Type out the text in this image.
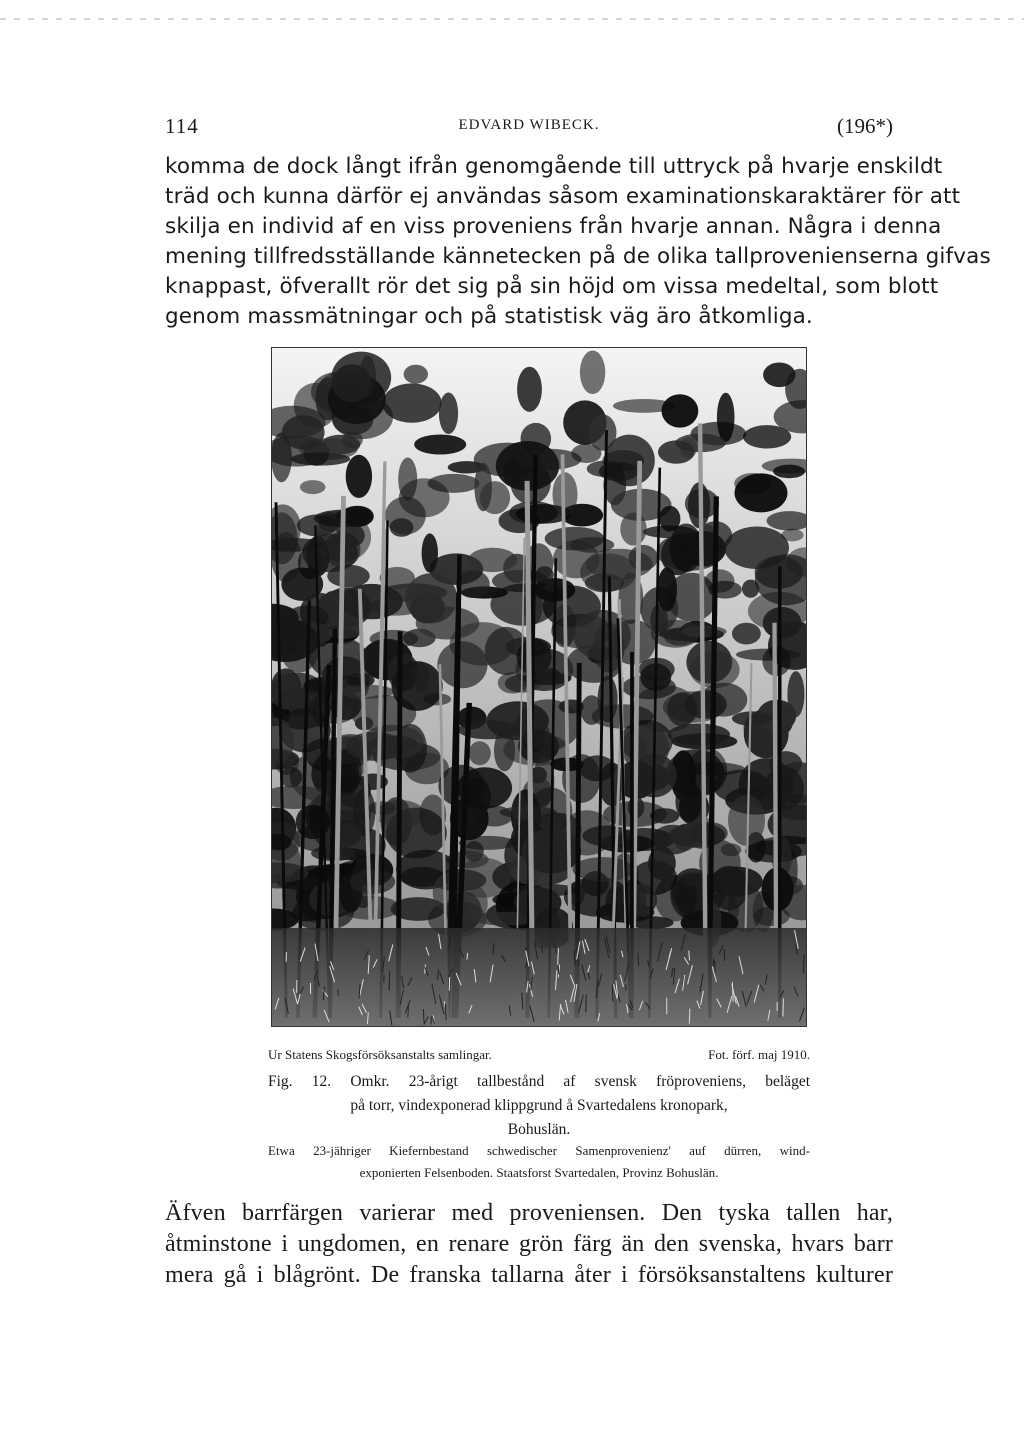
114	EDVARD WIBECK.	(196*)

komma de dock långt ifrån genomgående till uttryck på hvarje enskildt
träd och kunna därför ej användas såsom examinationskaraktärer för att
skilja en individ af en viss proveniens från hvarje annan. Några i denna
mening tillfredsställande kännetecken på de olika tallprovenienserna gifvas
knappast, öfverallt rör det sig på sin höjd om vissa medeltal, som blott
genom massmätningar och på statistisk väg äro åtkomliga.

Ur Statens Skogsförsöksanstalts samlingar.	Fot. förf. maj 1910.
Fig. 12. Omkr. 23-årigt tallbestånd af svensk fröproveniens, beläget
på torr, vindexponerad klippgrund å Svartedalens kronopark,
Bohuslän.
Etwa 23-jähriger Kiefernbestand schwedischer Samenprovenienz' auf dürren, wind-
exponierten Felsenboden. Staatsforst Svartedalen, Provinz Bohuslän.

Äfven barrfärgen varierar med proveniensen. Den tyska tallen har,
åtminstone i ungdomen, en renare grön färg än den svenska, hvars barr
mera gå i blågrönt. De franska tallarna åter i försöksanstaltens kulturer
